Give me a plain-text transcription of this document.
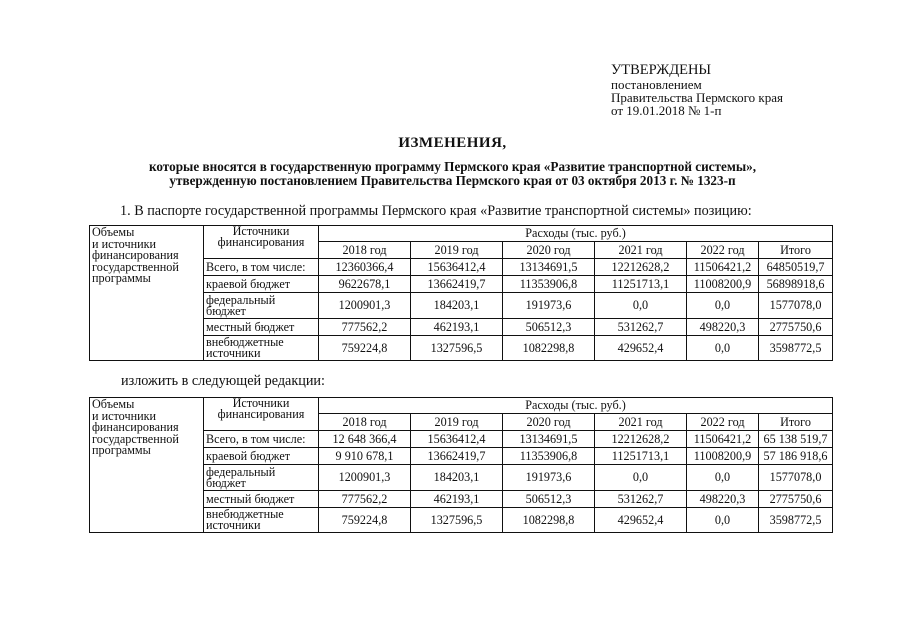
УТВЕРЖДЕНЫ
постановлением
Правительства Пермского края
от 19.01.2018 № 1-п
ИЗМЕНЕНИЯ,
которые вносятся в государственную программу Пермского края «Развитие транспортной системы»,
утвержденную постановлением Правительства Пермского края от 03 октября 2013 г. № 1323-п
1. В паспорте государственной программы Пермского края «Развитие транспортной системы» позицию:
Объемы
и источники
финансирования
государственной
программы	Источники
финансирования	Расходы (тыс. руб.)					
		2018 год	2019 год	2020 год	2021 год	2022 год	Итого
	Всего, в том числе:	12360366,4	15636412,4	13134691,5	12212628,2	11506421,2	64850519,7
	краевой бюджет	9622678,1	13662419,7	11353906,8	11251713,1	11008200,9	56898918,6
	федеральный
бюджет	1200901,3	184203,1	191973,6	0,0	0,0	1577078,0
	местный бюджет	777562,2	462193,1	506512,3	531262,7	498220,3	2775750,6
	внебюджетные
источники	759224,8	1327596,5	1082298,8	429652,4	0,0	3598772,5
изложить в следующей редакции:
Объемы
и источники
финансирования
государственной
программы	Источники
финансирования	Расходы (тыс. руб.)					
		2018 год	2019 год	2020 год	2021 год	2022 год	Итого
	Всего, в том числе:	12 648 366,4	15636412,4	13134691,5	12212628,2	11506421,2	65 138 519,7
	краевой бюджет	9 910 678,1	13662419,7	11353906,8	11251713,1	11008200,9	57 186 918,6
	федеральный
бюджет	1200901,3	184203,1	191973,6	0,0	0,0	1577078,0
	местный бюджет	777562,2	462193,1	506512,3	531262,7	498220,3	2775750,6
	внебюджетные
источники	759224,8	1327596,5	1082298,8	429652,4	0,0	3598772,5
